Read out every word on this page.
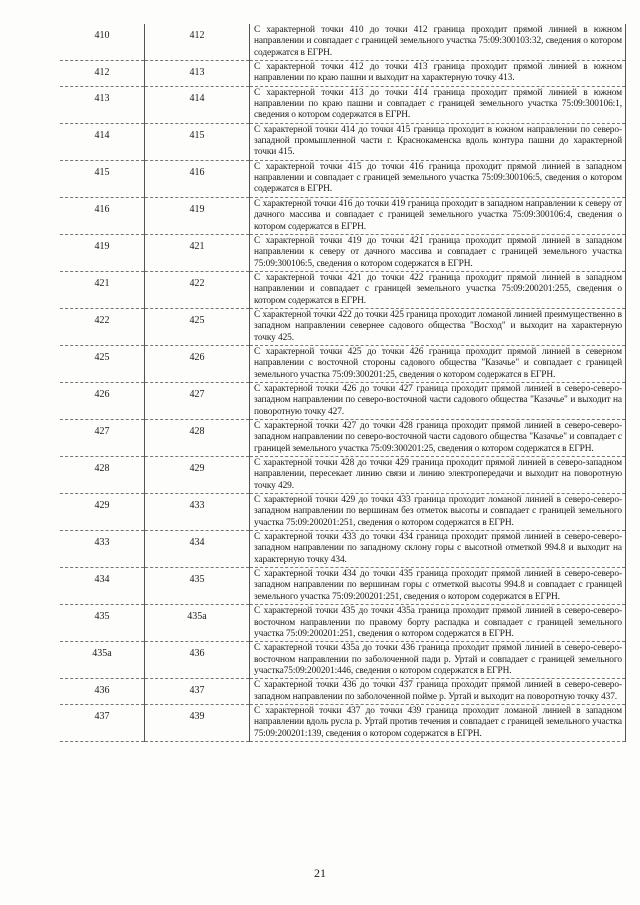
410	412	С характерной точки 410 до точки 412 граница проходит прямой линией в южном направлении и совпадает с границей земельного участка 75:09:300103:32, сведения о котором содержатся в ЕГРН.
412	413	С характерной точки 412 до точки 413 граница проходит прямой линией в южном направлении по краю пашни и выходит на характерную точку 413.
413	414	С характерной точки 413 до точки 414 граница проходит прямой линией в южном направлении по краю пашни и совпадает с границей земельного участка 75:09:300106:1, сведения о котором содержатся в ЕГРН.
414	415	С характерной точки 414 до точки 415 граница проходит в южном направлении по северо-западной промышленной части г. Краснокаменска вдоль контура пашни до характерной точки 415.
415	416	С характерной точки 415 до точки 416 граница проходит прямой линией в западном направлении и совпадает с границей земельного участка 75:09:300106:5, сведения о котором содержатся в ЕГРН.
416	419	С характерной точки 416 до точки 419 граница проходит в западном направлении к северу от дачного массива и совпадает с границей земельного участка 75:09:300106:4, сведения о котором содержатся в ЕГРН.
419	421	С характерной точки 419 до точки 421 граница проходит прямой линией в западном направлении к северу от дачного массива и совпадает с границей земельного участка 75:09:300106:5, сведения о котором содержатся в ЕГРН.
421	422	С характерной точки 421 до точки 422 граница проходит прямой линией в западном направлении и совпадает с границей земельного участка 75:09:200201:255, сведения о котором содержатся в ЕГРН.
422	425	С характерной точки 422 до точки 425 граница проходит ломаной линией преимущественно в западном направлении севернее садового общества "Восход" и выходит на характерную точку 425.
425	426	С характерной точки 425 до точки 426 граница проходит прямой линией в северном направлении с восточной стороны садового общества "Казачье" и совпадает с границей земельного участка 75:09:300201:25, сведения о котором содержатся в ЕГРН.
426	427	С характерной точки 426 до точки 427 граница проходит прямой линией в северо-северо-западном направлении по северо-восточной части садового общества "Казачье" и выходит на поворотную точку 427.
427	428	С характерной точки 427 до точки 428 граница проходит прямой линией в северо-северо-западном направлении по северо-восточной части садового общества "Казачье" и совпадает с границей земельного участка 75:09:300201:25, сведения о котором содержатся в ЕГРН.
428	429	С характерной точки 428 до точки 429 граница проходит прямой линией в северо-западном направлении, пересекает линию связи и линию электропередачи и выходит на поворотную точку 429.
429	433	С характерной точки 429 до точки 433 граница проходит ломаной линией в северо-северо-западном направлении по вершинам без отметок высоты и совпадает с границей земельного участка 75:09:200201:251, сведения о котором содержатся в ЕГРН.
433	434	С характерной точки 433 до точки 434 граница проходит прямой линией в северо-северо-западном направлении по западному склону горы с высотной отметкой 994.8 и выходит на характерную точку 434.
434	435	С характерной точки 434 до точки 435 граница проходит прямой линией в северо-северо-западном направлении по вершинам горы с отметкой высоты 994.8 и совпадает с границей земельного участка 75:09:200201:251, сведения о котором содержатся в ЕГРН.
435	435а	С характерной точки 435 до точки 435а граница проходит прямой линией в северо-северо-восточном направлении по правому борту распадка и совпадает с границей земельного участка 75:09:200201:251, сведения о котором содержатся в ЕГРН.
435а	436	С характерной точки 435а до точки 436 граница проходит прямой линией в северо-северо-восточном направлении по заболоченной пади р. Уртай и совпадает с границей земельного участка75:09:200201:446, сведения о котором содержатся в ЕГРН.
436	437	С характерной точки 436 до точки 437 граница проходит прямой линией в северо-северо-западном направлении по заболоченной пойме р. Уртай и выходит на поворотную точку 437.
437	439	С характерной точки 437 до точки 439 граница проходит ломаной линией в западном направлении вдоль русла р. Уртай против течения и совпадает с границей земельного участка 75:09:200201:139, сведения о котором содержатся в ЕГРН.
21
